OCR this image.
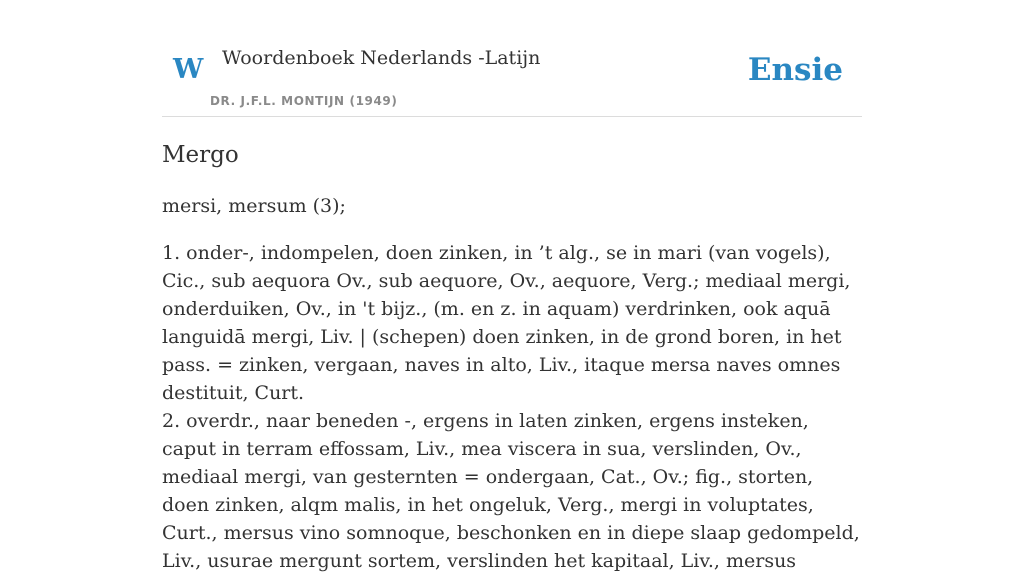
W Woordenboek Nederlands -Latijn
DR. J.F.L. MONTIJN (1949)
Ensie
Mergo

mersi, mersum (3);

1. onder-, indompelen, doen zinken, in ’t alg., se in mari (van vogels), Cic., sub aequora Ov., sub aequore, Ov., aequore, Verg.; mediaal mergi, onderduiken, Ov., in 't bijz., (m. en z. in aquam) verdrinken, ook aquā languidā mergi, Liv. | (schepen) doen zinken, in de grond boren, in het pass. = zinken, vergaan, naves in alto, Liv., itaque mersa naves omnes destituit, Curt.
2. overdr., naar beneden -, ergens in laten zinken, ergens insteken, caput in terram effossam, Liv., mea viscera in sua, verslinden, Ov., mediaal mergi, van gesternten = ondergaan, Cat., Ov.; fig., storten, doen zinken, alqm malis, in het ongeluk, Verg., mergi in voluptates, Curt., mersus vino somnoque, beschonken en in diepe slaap gedompeld, Liv., usurae mergunt sortem, verslinden het kapitaal, Liv., mersus
